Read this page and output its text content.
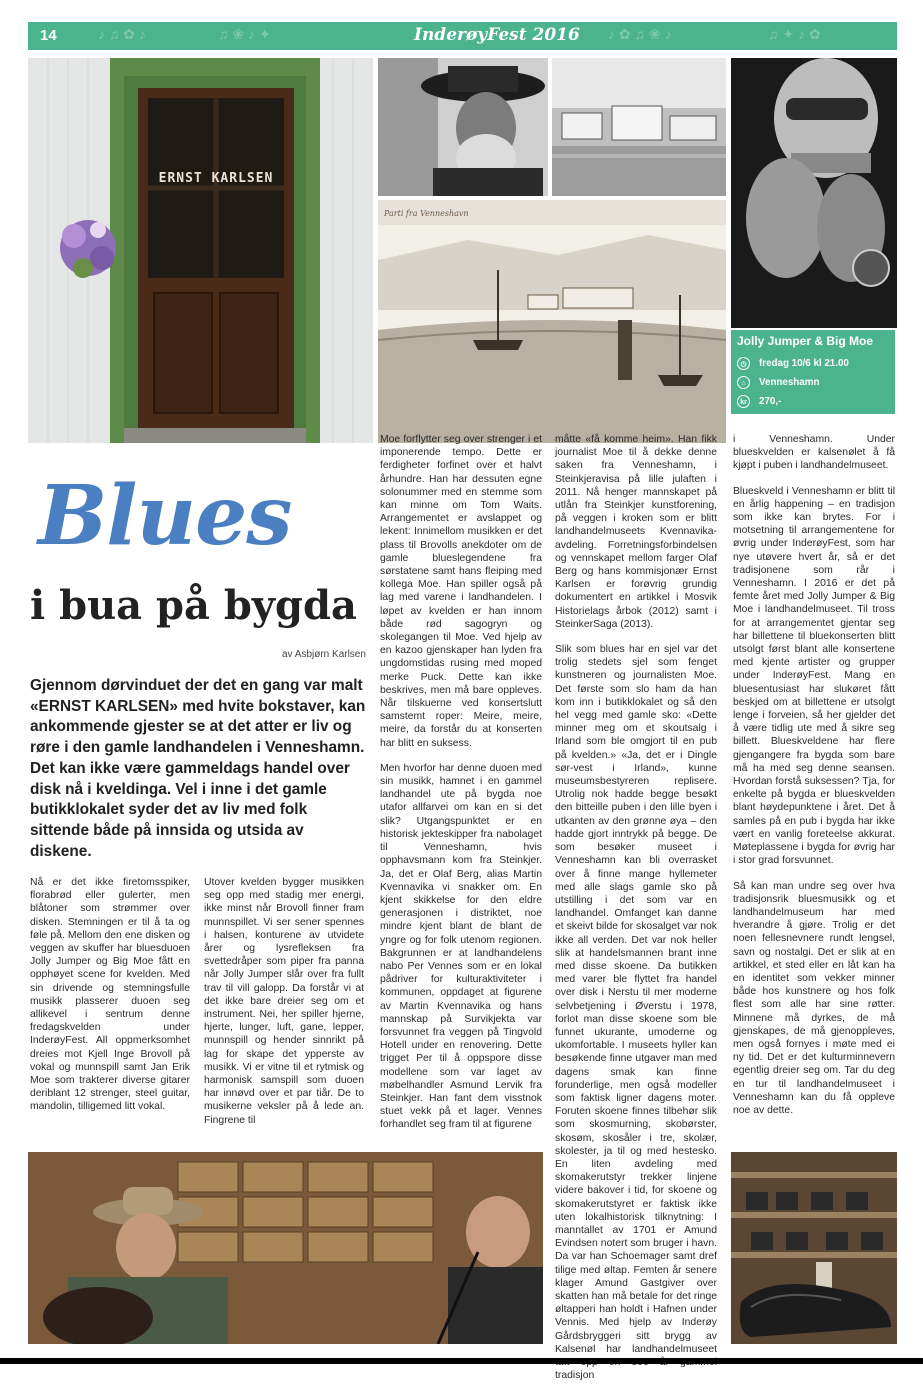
14	♪ ♫ ✿ ♪	♫ ❀ ♪ ✦	InderøyFest 2016 ♪ ✿ ♫ ❀ ♪	♫ ✦ ♪ ✿
ERNST KARLSEN
Parti fra Venneshavn
Jolly Jumper & Big Moe
◷ fredag 10/6 kl 21.00
⌂ Venneshamn
kr 270,-
Blues
i bua på bygda
av Asbjørn Karlsen
Gjennom dørvinduet der det en gang var malt «ERNST KARLSEN» med hvite bokstaver, kan ankommende gjester se at det atter er liv og røre i den gamle landhandelen i Venneshamn. Det kan ikke være gammeldags handel over disk nå i kveldinga. Vel i inne i det gamle butikklokalet syder det av liv med folk sittende både på innsida og utsida av diskene.

Nå er det ikke firetomsspiker, florabrød eller gulerter, men blåtoner som strømmer over disken. Stemningen er til å ta og føle på. Mellom den ene disken og veggen av skuffer har bluesduoen Jolly Jumper og Big Moe fått en opphøyet scene for kvelden. Med sin drivende og stemningsfulle musikk plasserer duoen seg allikevel i sentrum denne fredagskvelden under InderøyFest. All oppmerksomhet dreies mot Kjell Inge Brovoll på vokal og munnspill samt Jan Erik Moe som trakterer diverse gitarer deriblant 12 strenger, steel guitar, mandolin, tilligemed litt vokal.

Utover kvelden bygger musikken seg opp med stadig mer energi, ikke minst når Brovoll finner fram munnspillet. Vi ser sener spennes i halsen, konturene av utvidete årer og lysrefleksen fra svettedråper som piper fra panna når Jolly Jumper slår over fra fullt trav til vill galopp. Da forstår vi at det ikke bare dreier seg om et instrument. Nei, her spiller hjerne, hjerte, lunger, luft, gane, lepper, munnspill og hender sinnrikt på lag for skape det ypperste av musikk. Vi er vitne til et rytmisk og harmonisk samspill som duoen har innøvd over et par tiår. De to musikerne veksler på å lede an. Fingrene til

Moe forflytter seg over strenger i et imponerende tempo. Dette er ferdigheter forfinet over et halvt århundre. Han har dessuten egne solonummer med en stemme som kan minne om Tom Waits. Arrangementet er avslappet og lekent: Innimellom musikken er det plass til Brovolls anekdoter om de gamle blueslegendene fra sørstatene samt hans fleiping med kollega Moe. Han spiller også på lag med varene i landhandelen. I løpet av kvelden er han innom både rød sagogryn og skolegangen til Moe. Ved hjelp av en kazoo gjenskaper han lyden fra ungdomstidas rusing med moped merke Puck. Dette kan ikke beskrives, men må bare oppleves. Når tilskuerne ved konsertslutt samstemt roper: Meire, meire, meire, da forstår du at konserten har blitt en suksess.

Men hvorfor har denne duoen med sin musikk, hamnet i en gammel landhandel ute på bygda noe utafor allfarvei om kan en si det slik? Utgangspunktet er en historisk jekteskipper fra nabolaget til Venneshamn, hvis opphavsmann kom fra Steinkjer. Ja, det er Olaf Berg, alias Martin Kvennavika vi snakker om. En kjent skikkelse for den eldre generasjonen i distriktet, noe mindre kjent blant de blant de yngre og for folk utenom regionen. Bakgrunnen er at landhandelens nabo Per Vennes som er en lokal pådriver for kulturaktiviteter i kommunen, oppdaget at figurene av Martin Kvennavika og hans mannskap på Survikjekta var forsvunnet fra veggen på Tingvold Hotell under en renovering. Dette trigget Per til å oppspore disse modellene som var laget av møbelhandler Asmund Lervik fra Steinkjer. Han fant dem visstnok stuet vekk på et lager. Vennes forhandlet seg fram til at figurene

måtte «få komme heim». Han fikk journalist Moe til å dekke denne saken fra Venneshamn, i Steinkjeravisa på lille julaften i 2011. Nå henger mannskapet på utlån fra Steinkjer kunstforening, på veggen i kroken som er blitt landhandelmuseets Kvennavika-avdeling. Forretningsforbindelsen og vennskapet mellom farger Olaf Berg og hans kommisjonær Ernst Karlsen er forøvrig grundig dokumentert en artikkel i Mosvik Historielags årbok (2012) samt i SteinkerSaga (2013).

Slik som blues har en sjel var det trolig stedets sjel som fenget kunstneren og journalisten Moe. Det første som slo ham da han kom inn i butikklokalet og så den hel vegg med gamle sko: «Dette minner meg om et skoutsalg i Irland som ble omgjort til en pub på kvelden.» «Ja, det er i Dingle sør-vest i Irland», kunne museumsbestyreren replisere. Utrolig nok hadde begge besøkt den bitteille puben i den lille byen i utkanten av den grønne øya – den hadde gjort inntrykk på begge. De som besøker museet i Venneshamn kan bli overrasket over å finne mange hyllemeter med alle slags gamle sko på utstilling i det som var en landhandel. Omfanget kan danne et skeivt bilde for skosalget var nok ikke all verden. Det var nok heller slik at handelsmannen brant inne med disse skoene. Da butikken med varer ble flyttet fra handel over disk i Nerstu til mer moderne selvbetjening i Øverstu i 1978, forlot man disse skoene som ble funnet ukurante, umoderne og ukomfortable. I museets hyller kan besøkende finne utgaver man med dagens smak kan finne forunderlige, men også modeller som faktisk ligner dagens moter. Foruten skoene finnes tilbehør slik som skosmurning, skobørster, skosøm, skosåler i tre, skolær, skolester, ja til og med hestesko. En liten avdeling med skomakerutstyr trekker linjene videre bakover i tid, for skoene og skomakerutstyret er faktisk ikke uten lokalhistorisk tilknytning: I manntallet av 1701 er Amund Evindsen notert som bruger i havn. Da var han Schoemager samt dref tilige med øltap. Femten år senere klager Amund Gastgiver over skatten han må betale for det ringe øltapperi han holdt i Hafnen under Vennis. Med hjelp av Inderøy Gårdsbryggeri sitt brygg av Kalsenøl har landhandelmuseet tradisjon

i Venneshamn. Under blueskvelden er kalsenølet å få kjøpt i puben i landhandelmuseet.

Blueskveld i Venneshamn er blitt til en årlig happening – en tradisjon som ikke kan brytes. For i motsetning til arrangementene for øvrig under InderøyFest, som har nye utøvere hvert år, så er det tradisjonene som rår i Venneshamn. I 2016 er det på femte året med Jolly Jumper & Big Moe i landhandelmuseet. Til tross for at arrangementet gjentar seg har billettene til bluekonserten blitt utsolgt først blant alle konsertene med kjente artister og grupper under InderøyFest. Mang en bluesentusiast har slukøret fått beskjed om at billettene er utsolgt lenge i forveien, så her gjelder det å være tidlig ute med å sikre seg billett. Blueskveldene har flere gjengangere fra bygda som bare må ha med seg denne seansen. Hvordan forstå suksessen? Tja, for enkelte på bygda er blueskvelden blant høydepunktene i året. Det å samles på en pub i bygda har ikke vært en vanlig foreteelse akkurat. Møteplassene i bygda for øvrig har i stor grad forsvunnet.

Så kan man undre seg over hva tradisjonsrik bluesmusikk og et landhandelmuseum har med hverandre å gjøre. Trolig er det noen fellesnevnere rundt lengsel, savn og nostalgi. Det er slik at en artikkel, et sted eller en låt kan ha en identitet som vekker minner både hos kunstnere og hos folk flest som alle har sine røtter. Minnene må dyrkes, de må gjenskapes, de må gjenoppleves, men også fornyes i møte med ei ny tid. Det er det kulturminnevern egentlig dreier seg om. Tar du deg en tur til landhandelmuseet i Venneshamn kan du få oppleve noe av dette.
